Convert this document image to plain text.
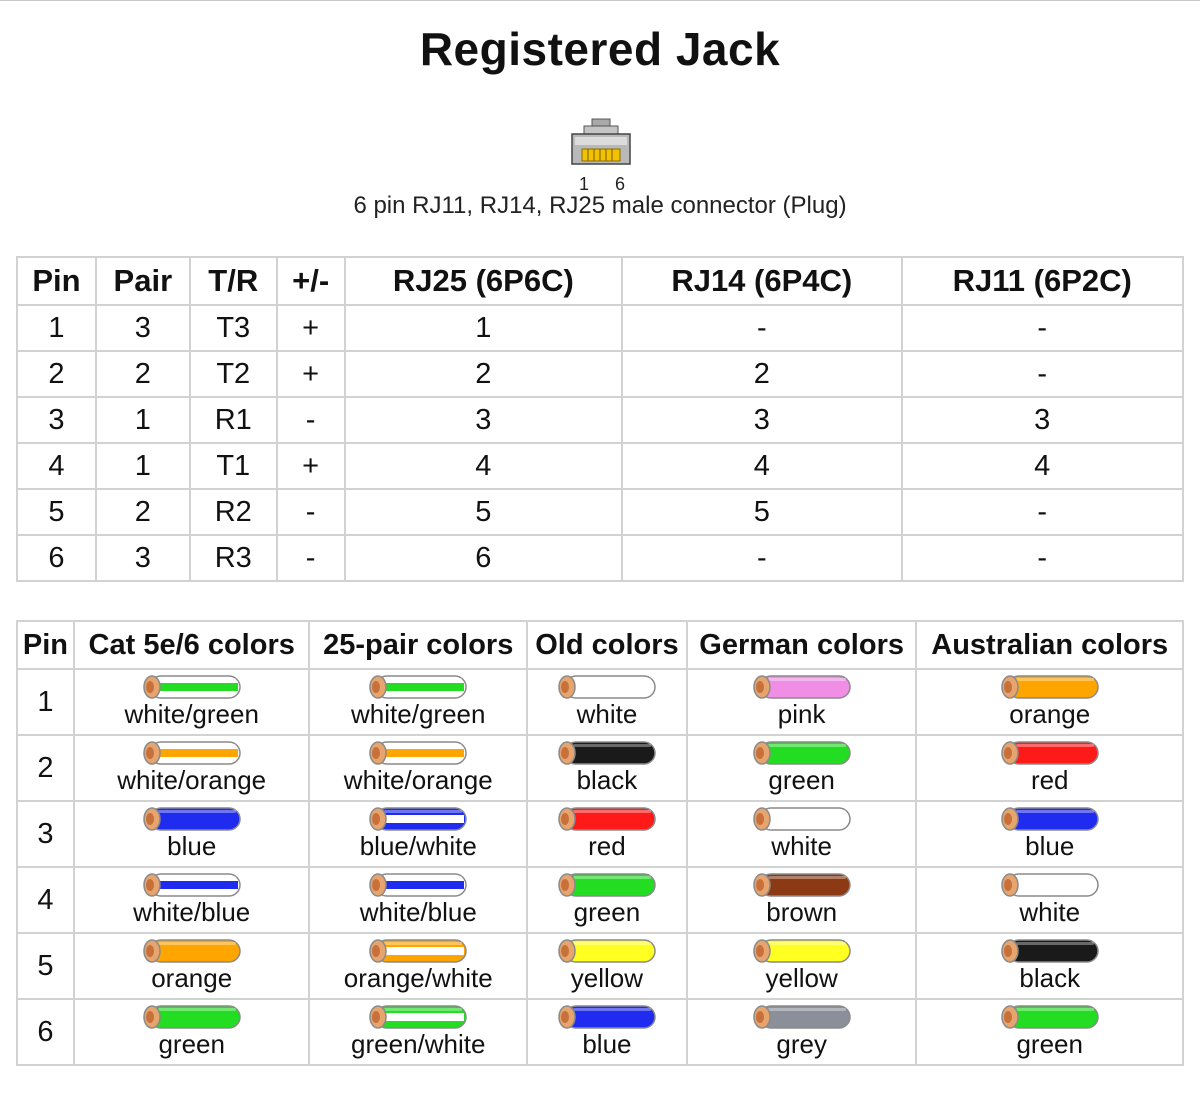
Registered Jack
1 6
6 pin RJ11, RJ14, RJ25 male connector (Plug)
Pin	Pair	T/R	+/-	RJ25 (6P6C)	RJ14 (6P4C)	RJ11 (6P2C)
1	3	T3	+	1	-	-
2	2	T2	+	2	2	-
3	1	R1	-	3	3	3
4	1	T1	+	4	4	4
5	2	R2	-	5	5	-
6	3	R3	-	6	-	-
Pin	Cat 5e/6 colors	25-pair colors	Old colors	German colors	Australian colors
1	white/green	white/green	white	pink	orange

2	white/orange	white/orange	black	green	red

3	blue	blue/white	red	white	blue

4	white/blue	white/blue	green	brown	white

5	orange	orange/white	yellow	yellow	black

6	green	green/white	blue	grey	green
